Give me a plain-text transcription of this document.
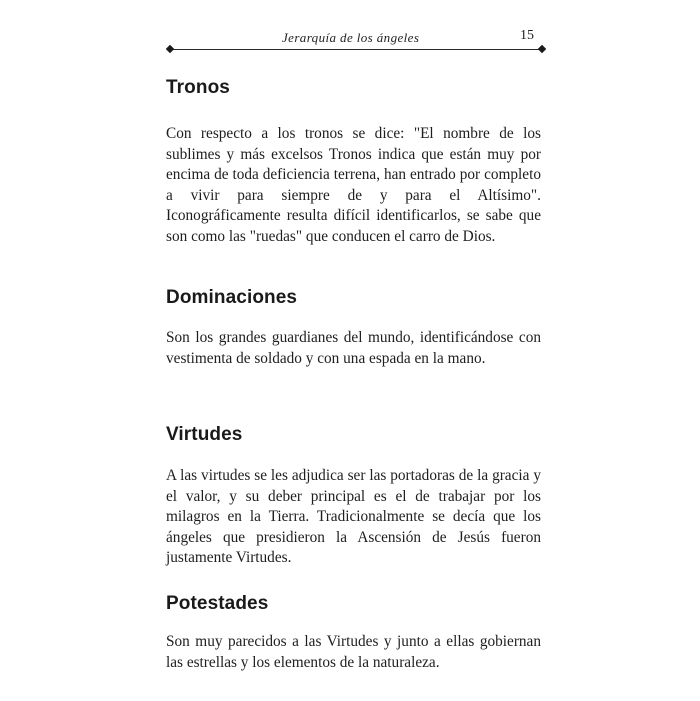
Jerarquía de los ángeles	15
Tronos

Con respecto a los tronos se dice: "El nombre de los sublimes y más excelsos Tronos indica que están muy por encima de toda deficiencia terrena, han entrado por completo a vivir para siempre de y para el Altísimo". Iconográficamente resulta difícil identificarlos, se sabe que son como las "ruedas" que conducen el carro de Dios.

Dominaciones

Son los grandes guardianes del mundo, identificándose con vestimenta de soldado y con una espada en la mano.

Virtudes

A las virtudes se les adjudica ser las portadoras de la gracia y el valor, y su deber principal es el de trabajar por los milagros en la Tierra. Tradicionalmente se decía que los ángeles que presidieron la Ascensión de Jesús fueron justamente Virtudes.

Potestades

Son muy parecidos a las Virtudes y junto a ellas gobiernan las estrellas y los elementos de la naturaleza.
